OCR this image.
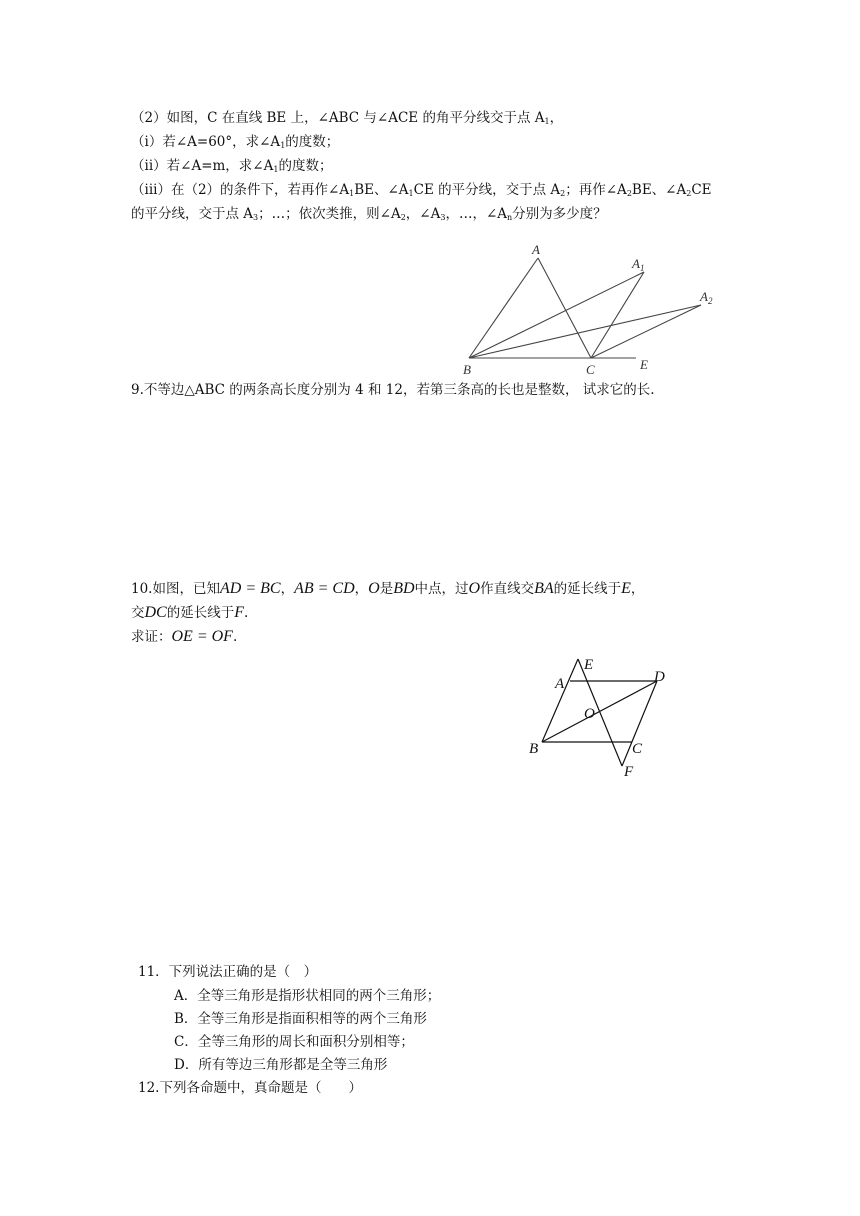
（2）如图，C 在直线 BE 上，∠ABC 与∠ACE 的角平分线交于点 $A_1$，
（i）若∠A=60°，求$\angle A_1$的度数；
（ii）若∠A=m，求$\angle A_1$的度数；
（iii）在（2）的条件下，若再作$\angle A_1BE$、$\angle A_1CE$ 的平分线，交于点 $A_2$；再作$\angle A_2BE$、$\angle A_2CE$
的平分线，交于点 $A_3$；…；依次类推，则$\angle A_2$，$\angle A_3$，…，$\angle A_n$分别为多少度？
A
$A_1$
$A_2$
B	C	E
9.不等边△ABC 的两条高长度分别为 4 和 12，若第三条高的长也是整数， 试求它的长.
10.如图，已知AD = BC，AB = CD，O是BD中点，过O作直线交BA的延长线于E，
交DC的延长线于F.
求证：OE = OF.
E
A	D
O
B	C
F
11．下列说法正确的是（　）
A．全等三角形是指形状相同的两个三角形；
B．全等三角形是指面积相等的两个三角形
C．全等三角形的周长和面积分别相等；
D．所有等边三角形都是全等三角形
12.下列各命题中，真命题是（　　）
